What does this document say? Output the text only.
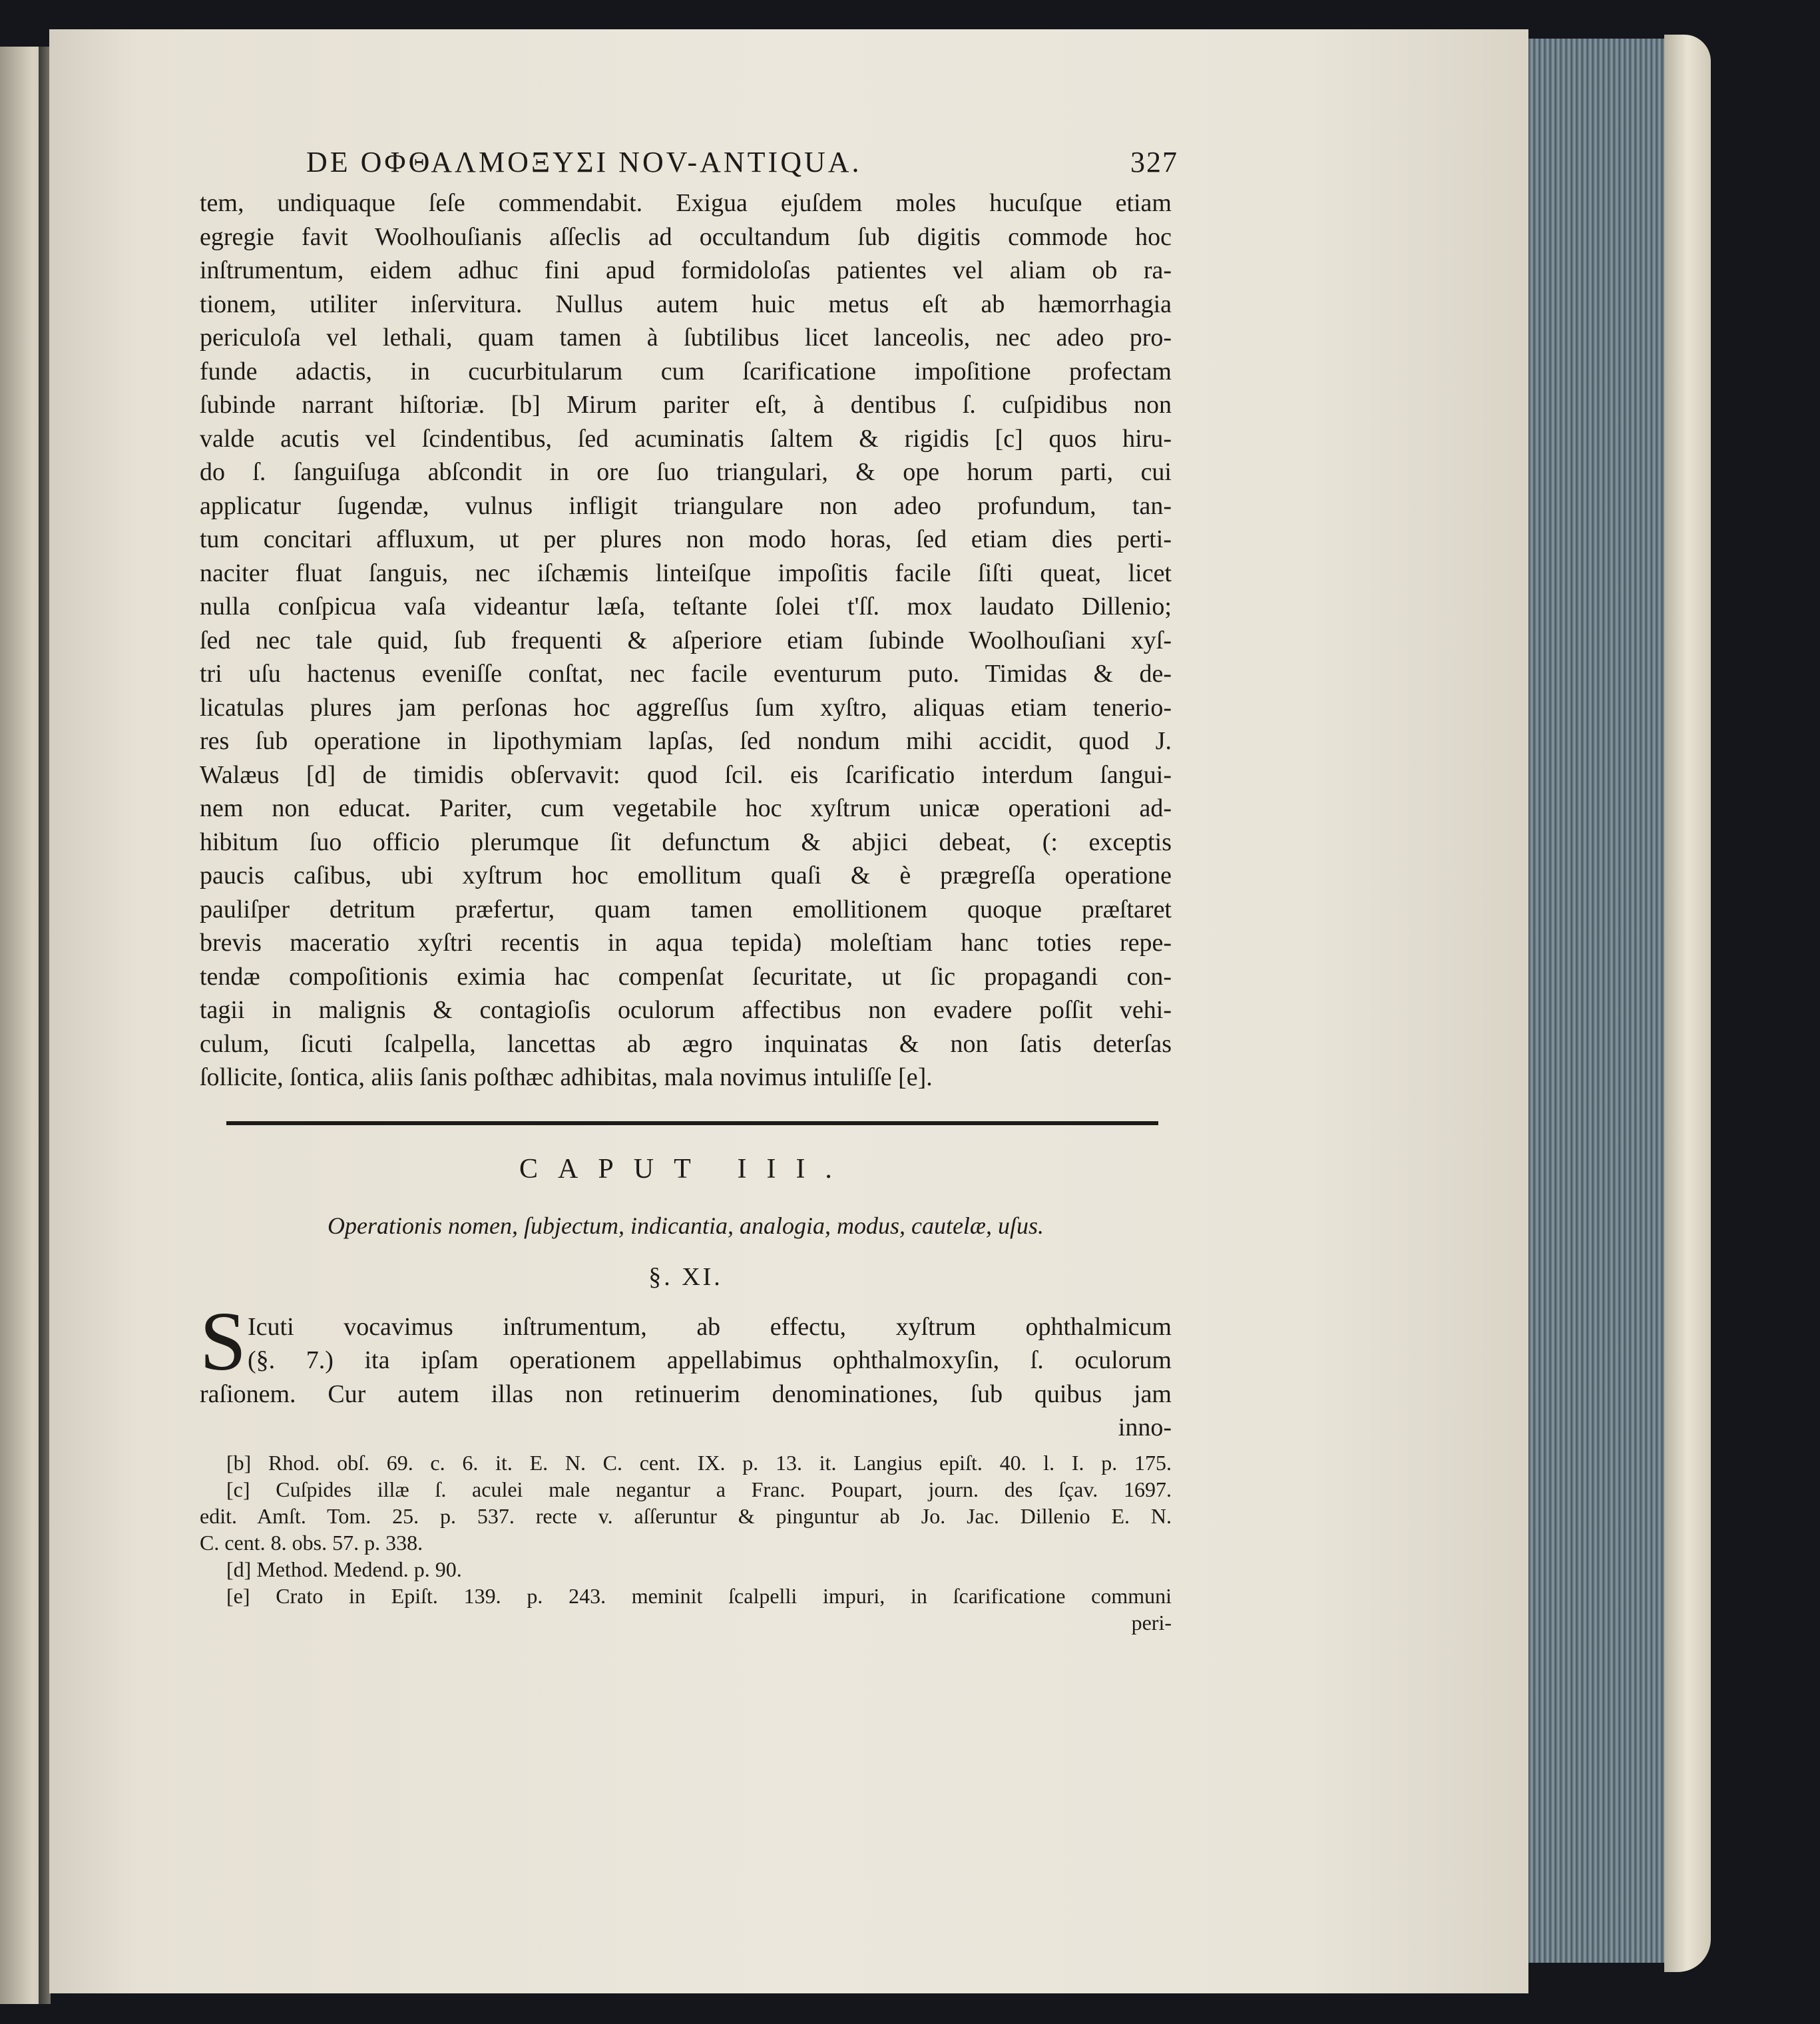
DE ΟΦΘΑΛΜΟΞΥΣΙ NOV-ANTIQUA.	327
tem, undiquaque ſeſe commendabit. Exigua ejuſdem moles hucuſque etiam
egregie favit Woolhouſianis aſſeclis ad occultandum ſub digitis commode hoc
inſtrumentum, eidem adhuc fini apud formidoloſas patientes vel aliam ob ra-
tionem, utiliter inſervitura. Nullus autem huic metus eſt ab hæmorrhagia
periculoſa vel lethali, quam tamen à ſubtilibus licet lanceolis, nec adeo pro-
funde adactis, in cucurbitularum cum ſcarificatione impoſitione profectam
ſubinde narrant hiſtoriæ. [b] Mirum pariter eſt, à dentibus ſ. cuſpidibus non
valde acutis vel ſcindentibus, ſed acuminatis ſaltem & rigidis [c] quos hiru-
do ſ. ſanguiſuga abſcondit in ore ſuo triangulari, & ope horum parti, cui
applicatur ſugendæ, vulnus infligit triangulare non adeo profundum, tan-
tum concitari affluxum, ut per plures non modo horas, ſed etiam dies perti-
naciter fluat ſanguis, nec iſchæmis linteiſque impoſitis facile ſiſti queat, licet
nulla conſpicua vaſa videantur læſa, teſtante ſolei t'ſſ. mox laudato Dillenio;
ſed nec tale quid, ſub frequenti & aſperiore etiam ſubinde Woolhouſiani xyſ-
tri uſu hactenus eveniſſe conſtat, nec facile eventurum puto. Timidas & de-
licatulas plures jam perſonas hoc aggreſſus ſum xyſtro, aliquas etiam tenerio-
res ſub operatione in lipothymiam lapſas, ſed nondum mihi accidit, quod J.
Walæus [d] de timidis obſervavit: quod ſcil. eis ſcarificatio interdum ſangui-
nem non educat. Pariter, cum vegetabile hoc xyſtrum unicæ operationi ad-
hibitum ſuo officio plerumque ſit defunctum & abjici debeat, (: exceptis
paucis caſibus, ubi xyſtrum hoc emollitum quaſi & è prægreſſa operatione
pauliſper detritum præfertur, quam tamen emollitionem quoque præſtaret
brevis maceratio xyſtri recentis in aqua tepida) moleſtiam hanc toties repe-
tendæ compoſitionis eximia hac compenſat ſecuritate, ut ſic propagandi con-
tagii in malignis & contagioſis oculorum affectibus non evadere poſſit vehi-
culum, ſicuti ſcalpella, lancettas ab ægro inquinatas & non ſatis deterſas
ſollicite, ſontica, aliis ſanis poſthæc adhibitas, mala novimus intuliſſe [e].
CAPUT III.
Operationis nomen, ſubjectum, indicantia, analogia, modus, cautelæ, uſus.
§. XI.
S Icuti vocavimus inſtrumentum, ab effectu, xyſtrum ophthalmicum
(§. 7.) ita ipſam operationem appellabimus ophthalmoxyſin, ſ. oculorum
raſionem. Cur autem illas non retinuerim denominationes, ſub quibus jam
inno-
[b] Rhod. obſ. 69. c. 6. it. E. N. C. cent. IX. p. 13. it. Langius epiſt. 40. l. I. p. 175.
[c] Cuſpides illæ ſ. aculei male negantur a Franc. Poupart, journ. des ſçav. 1697.
edit. Amſt. Tom. 25. p. 537. recte v. aſſeruntur & pinguntur ab Jo. Jac. Dillenio E. N.
C. cent. 8. obs. 57. p. 338.
[d] Method. Medend. p. 90.
[e] Crato in Epiſt. 139. p. 243. meminit ſcalpelli impuri, in ſcarificatione communi
peri-
